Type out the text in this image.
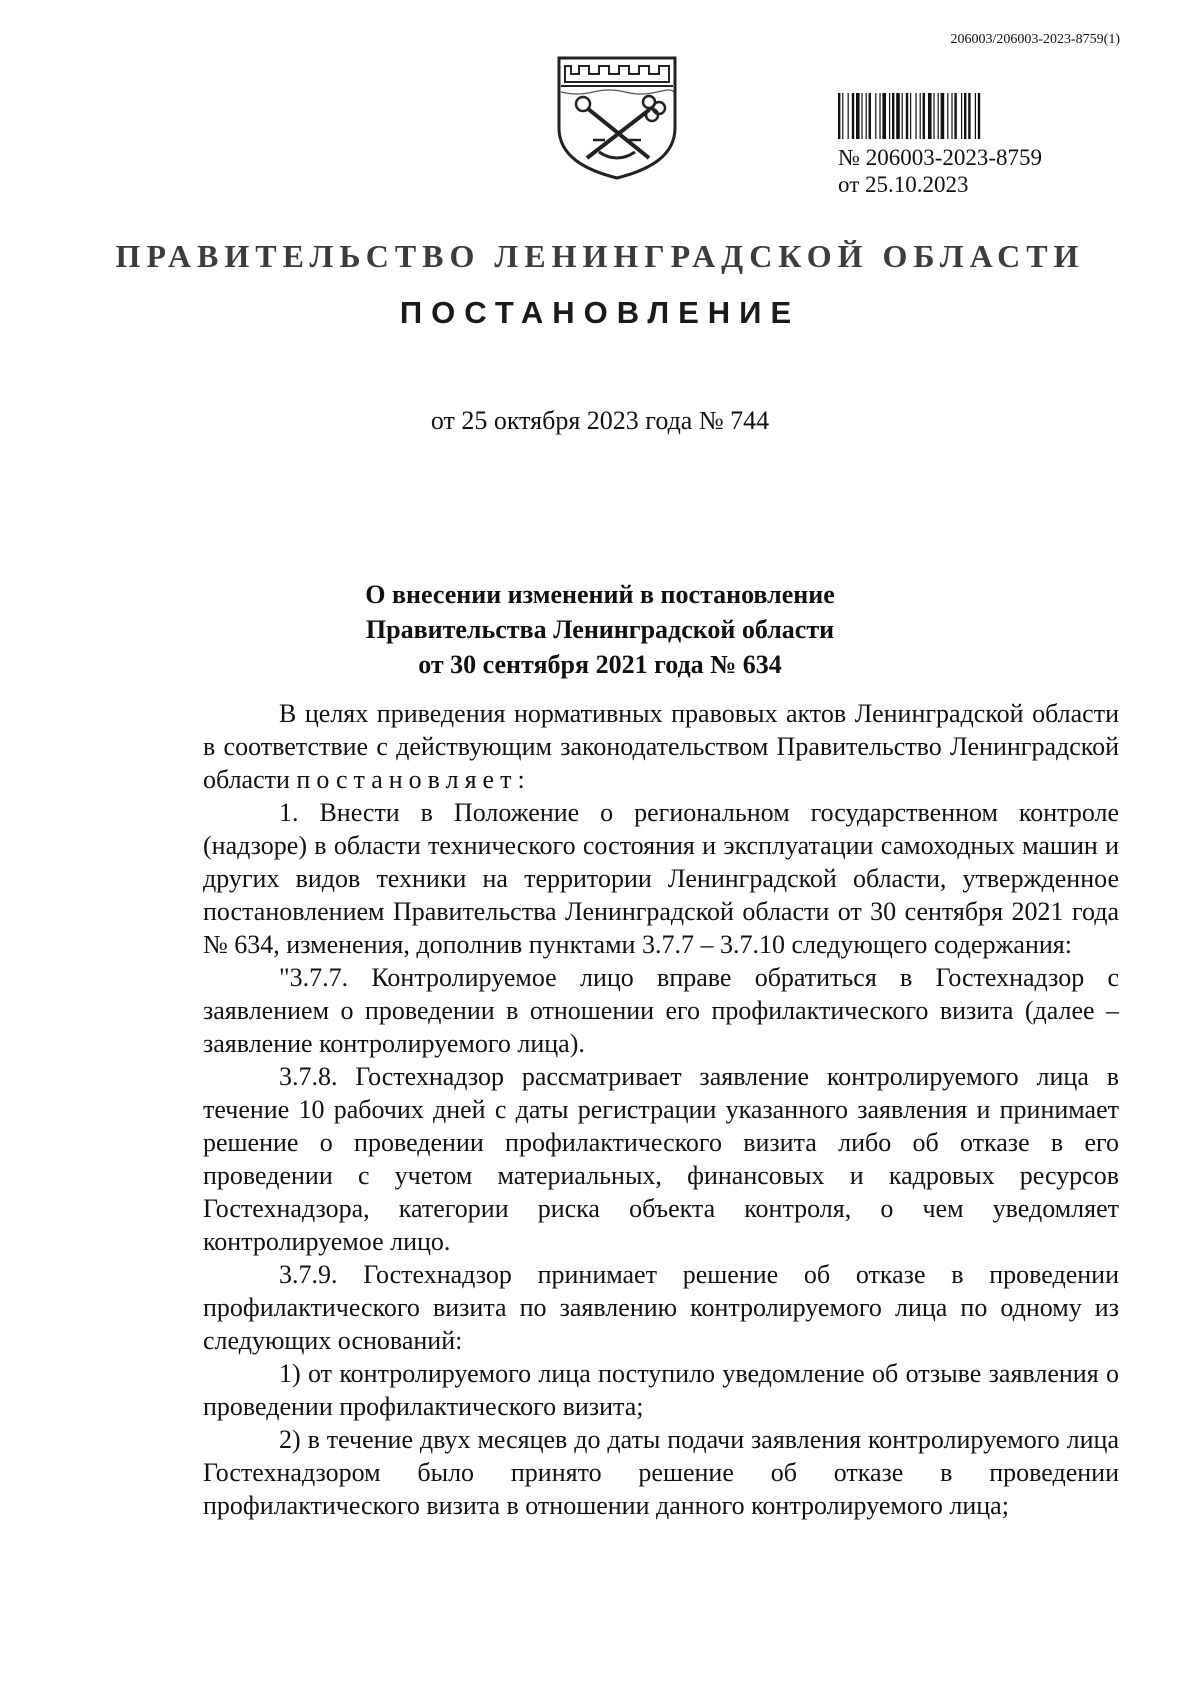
206003/206003-2023-8759(1)

№ 206003-2023-8759

от 25.10.2023

ПРАВИТЕЛЬСТВО ЛЕНИНГРАДСКОЙ ОБЛАСТИ
ПОСТАНОВЛЕНИЕ
от 25 октября 2023 года № 744
О внесении изменений в постановление
Правительства Ленинградской области
от 30 сентября 2021 года № 634

В целях приведения нормативных правовых актов Ленинградской области в соответствие с действующим законодательством Правительство Ленинградской области постановляет:

1. Внести в Положение о региональном государственном контроле (надзоре) в области технического состояния и эксплуатации самоходных машин и других видов техники на территории Ленинградской области, утвержденное постановлением Правительства Ленинградской области от 30 сентября 2021 года № 634, изменения, дополнив пунктами 3.7.7 – 3.7.10 следующего содержания:

"3.7.7. Контролируемое лицо вправе обратиться в Гостехнадзор с заявлением о проведении в отношении его профилактического визита (далее – заявление контролируемого лица).

3.7.8. Гостехнадзор рассматривает заявление контролируемого лица в течение 10 рабочих дней с даты регистрации указанного заявления и принимает решение о проведении профилактического визита либо об отказе в его проведении с учетом материальных, финансовых и кадровых ресурсов Гостехнадзора, категории риска объекта контроля, о чем уведомляет контролируемое лицо.

3.7.9. Гостехнадзор принимает решение об отказе в проведении профилактического визита по заявлению контролируемого лица по одному из следующих оснований:

1) от контролируемого лица поступило уведомление об отзыве заявления о проведении профилактического визита;

2) в течение двух месяцев до даты подачи заявления контролируемого лица Гостехнадзором было принято решение об отказе в проведении профилактического визита в отношении данного контролируемого лица;
